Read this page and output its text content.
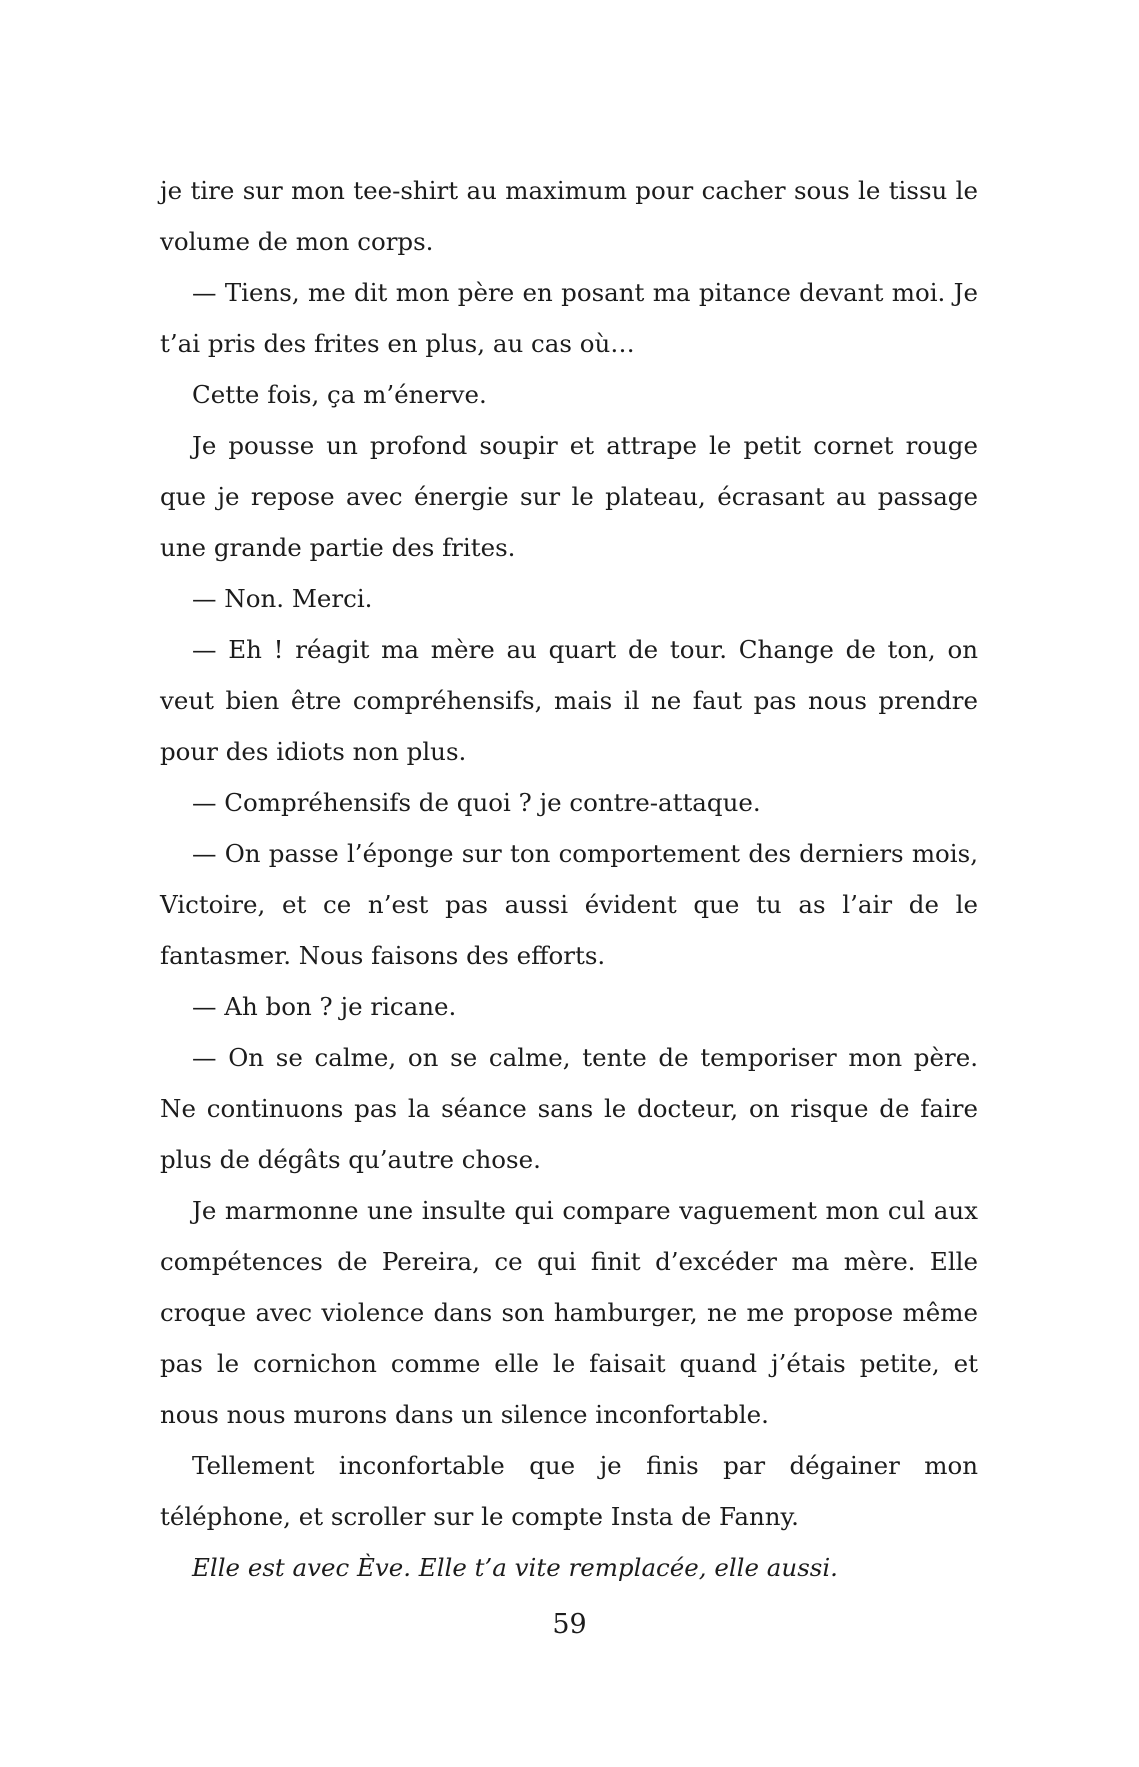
je tire sur mon tee-shirt au maximum pour cacher sous le tissu le volume de mon corps.

— Tiens, me dit mon père en posant ma pitance devant moi. Je t’ai pris des frites en plus, au cas où…

Cette fois, ça m’énerve.

Je pousse un profond soupir et attrape le petit cornet rouge que je repose avec énergie sur le plateau, écrasant au passage une grande partie des frites.

— Non. Merci.

— Eh ! réagit ma mère au quart de tour. Change de ton, on veut bien être compréhensifs, mais il ne faut pas nous prendre pour des idiots non plus.

— Compréhensifs de quoi ? je contre-attaque.

— On passe l’éponge sur ton comportement des derniers mois, Victoire, et ce n’est pas aussi évident que tu as l’air de le fantasmer. Nous faisons des efforts.

— Ah bon ? je ricane.

— On se calme, on se calme, tente de temporiser mon père. Ne continuons pas la séance sans le docteur, on risque de faire plus de dégâts qu’autre chose.

Je marmonne une insulte qui compare vaguement mon cul aux compétences de Pereira, ce qui finit d’excéder ma mère. Elle croque avec violence dans son hamburger, ne me propose même pas le cornichon comme elle le faisait quand j’étais petite, et nous nous murons dans un silence inconfortable.

Tellement inconfortable que je finis par dégainer mon téléphone, et scroller sur le compte Insta de Fanny.

Elle est avec Ève. Elle t’a vite remplacée, elle aussi.

59
